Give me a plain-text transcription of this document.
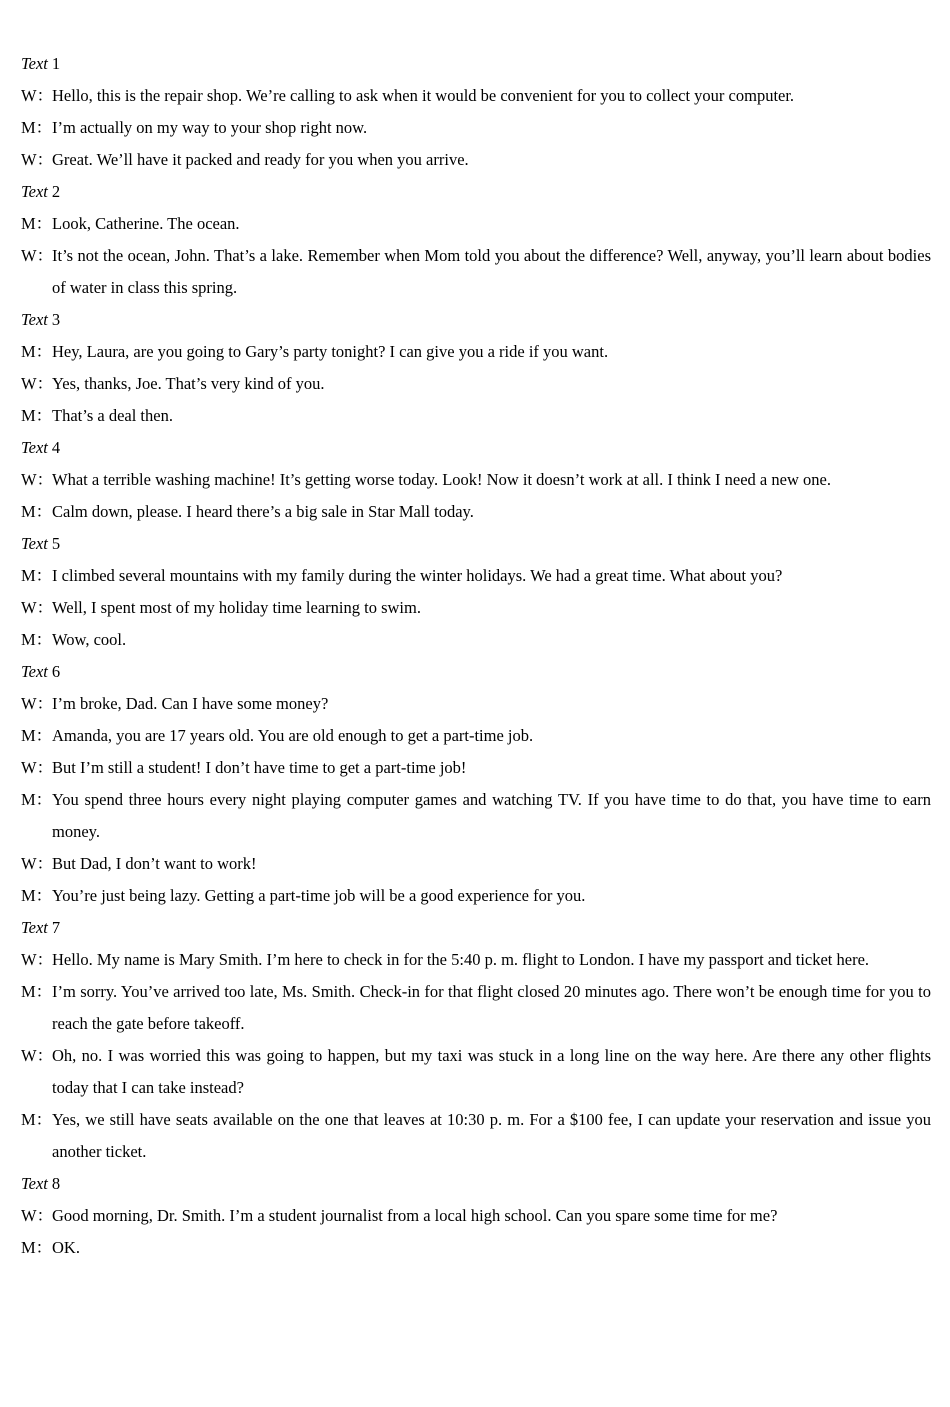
Text 1
W：
Hello, this is the repair shop. We’re calling to ask when it would be convenient for you to collect your computer.
M： I’m actually on my way to your shop right now.
W：
Great. We’ll have it packed and ready for you when you arrive.
Text 2
M： Look, Catherine. The ocean.
W：
It’s not the ocean, John. That’s a lake. Remember when Mom told you about the difference? Well, anyway, you’ll learn about bodies of water in class this spring.
Text 3
M： Hey, Laura, are you going to Gary’s party tonight? I can give you a ride if you want.
W：
Yes, thanks, Joe. That’s very kind of you.
M： That’s a deal then.
Text 4
W：
What a terrible washing machine! It’s getting worse today. Look! Now it doesn’t work at all. I think I need a new one.
M： Calm down, please. I heard there’s a big sale in Star Mall today.
Text 5
M： I climbed several mountains with my family during the winter holidays. We had a great time. What about you?
W：
Well, I spent most of my holiday time learning to swim.
M： Wow, cool.
Text 6
W：
I’m broke, Dad. Can I have some money?
M： Amanda, you are 17 years old. You are old enough to get a part-time job.
W：
But I’m still a student! I don’t have time to get a part-time job!
M： You spend three hours every night playing computer games and watching TV. If you have time to do that, you have time to earn money.
W：
But Dad, I don’t want to work!
M： You’re just being lazy. Getting a part-time job will be a good experience for you.
Text 7
W：
Hello. My name is Mary Smith. I’m here to check in for the 5:40 p. m. flight to London. I have my passport and ticket here.
M： I’m sorry. You’ve arrived too late, Ms. Smith. Check-in for that flight closed 20 minutes ago. There won’t be enough time for you to reach the gate before takeoff.
W：
Oh, no. I was worried this was going to happen, but my taxi was stuck in a long line on the way here. Are there any other flights today that I can take instead?
M： Yes, we still have seats available on the one that leaves at 10:30 p. m. For a $100 fee, I can update your reservation and issue you another ticket.
Text 8
W：
Good morning, Dr. Smith. I’m a student journalist from a local high school. Can you spare some time for me?
M： OK.
